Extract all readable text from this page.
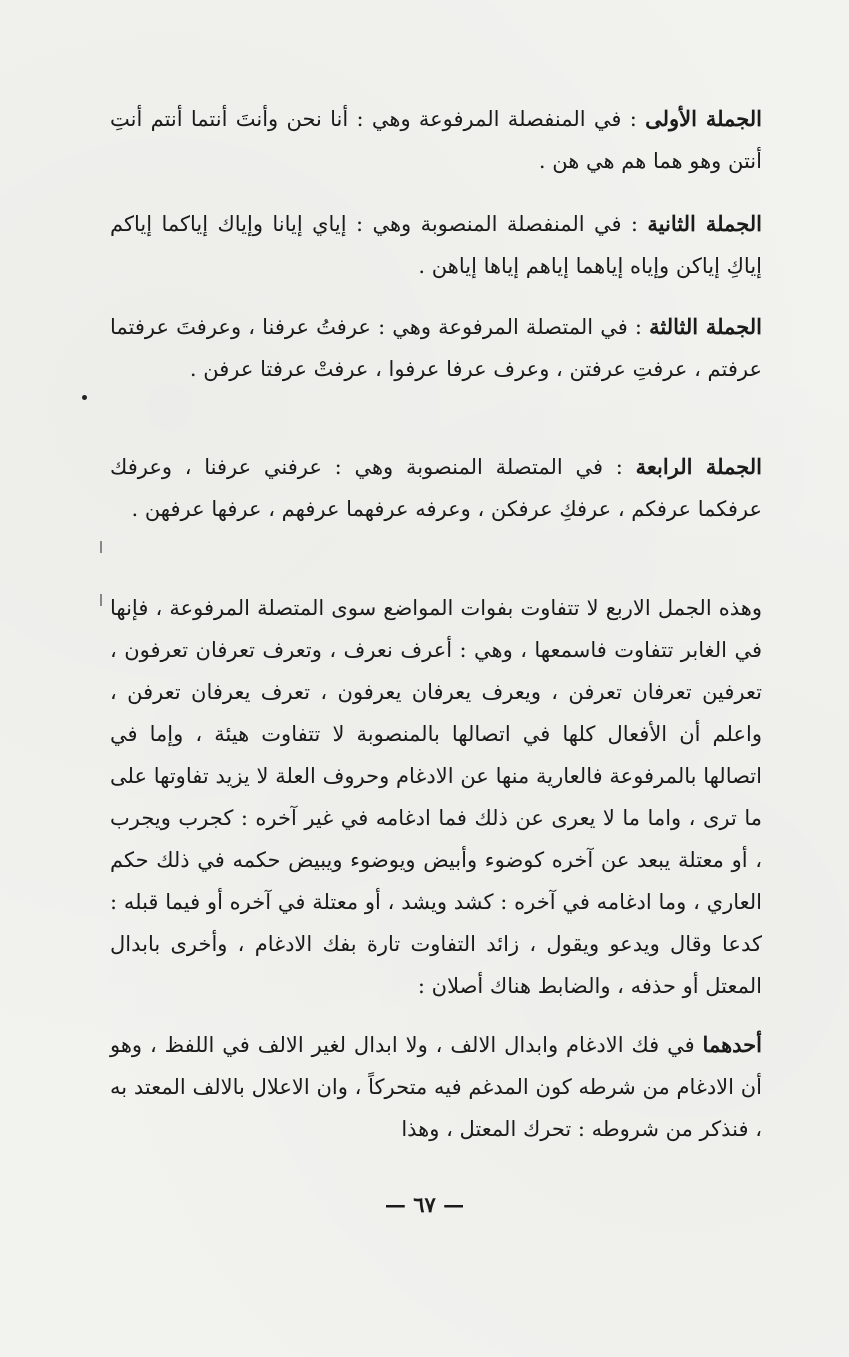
الجملة الأولى : في المنفصلة المرفوعة وهي : أنا نحن وأنتَ أنتما أنتم أنتِ أنتن وهو هما هم هي هن .

الجملة الثانية : في المنفصلة المنصوبة وهي : إياي إيانا وإياك إياكما إياكم إياكِ إياكن وإياه إياهما إياهم إياها إياهن .

الجملة الثالثة : في المتصلة المرفوعة وهي : عرفتُ عرفنا ، وعرفتَ عرفتما عرفتم ، عرفتِ عرفتن ، وعرف عرفا عرفوا ، عرفتْ عرفتا عرفن .

الجملة الرابعة : في المتصلة المنصوبة وهي : عرفني عرفنا ، وعرفك عرفكما عرفكم ، عرفكِ عرفكن ، وعرفه عرفهما عرفهم ، عرفها عرفهن .

وهذه الجمل الاربع لا تتفاوت بفوات المواضع سوى المتصلة المرفوعة ، فإنها في الغابر تتفاوت فاسمعها ، وهي : أعرف نعرف ، وتعرف تعرفان تعرفون ، تعرفين تعرفان تعرفن ، ويعرف يعرفان يعرفون ، تعرف يعرفان تعرفن ، واعلم أن الأفعال كلها في اتصالها بالمنصوبة لا تتفاوت هيئة ، وإما في اتصالها بالمرفوعة فالعارية منها عن الادغام وحروف العلة لا يزيد تفاوتها على ما ترى ، واما ما لا يعرى عن ذلك فما ادغامه في غير آخره : كجرب ويجرب ، أو معتلة يبعد عن آخره كوضوء وأبيض ويوضوء ويبيض حكمه في ذلك حكم العاري ، وما ادغامه في آخره : كشد ويشد ، أو معتلة في آخره أو فيما قبله : كدعا وقال ويدعو ويقول ، زائد التفاوت تارة بفك الادغام ، وأخرى بابدال المعتل أو حذفه ، والضابط هناك أصلان :

أحدهما في فك الادغام وابدال الالف ، ولا ابدال لغير الالف في اللفظ ، وهو أن الادغام من شرطه كون المدغم فيه متحركاً ، وان الاعلال بالالف المعتد به ، فنذكر من شروطه : تحرك المعتل ، وهذا

— ٦٧ —
